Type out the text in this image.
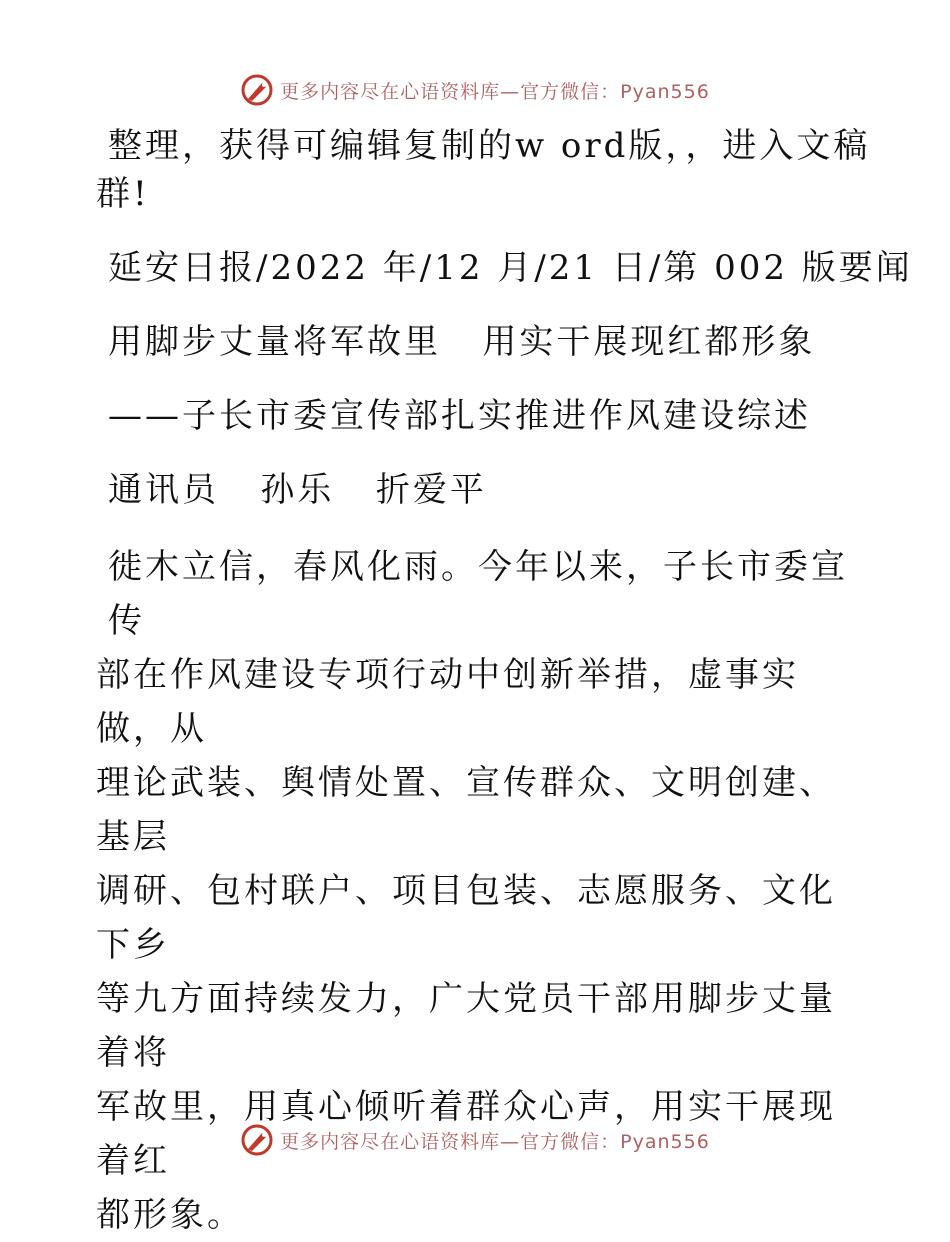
更多内容尽在心语资料库—官方微信：Pyan556
整理，获得可编辑复制的w ord版，，进入文稿
群!
延安日报/2022 年/12 月/21 日/第 002 版要闻
用脚步丈量将军故里   用实干展现红都形象
——子长市委宣传部扎实推进作风建设综述
通讯员   孙乐   折爱平
徙木立信，春风化雨。今年以来，子长市委宣传
部在作风建设专项行动中创新举措，虚事实做，从
理论武装、舆情处置、宣传群众、文明创建、基层
调研、包村联户、项目包装、志愿服务、文化下乡
等九方面持续发力，广大党员干部用脚步丈量着将
军故里，用真心倾听着群众心声，用实干展现着红
都形象。
更多内容尽在心语资料库—官方微信：Pyan556
